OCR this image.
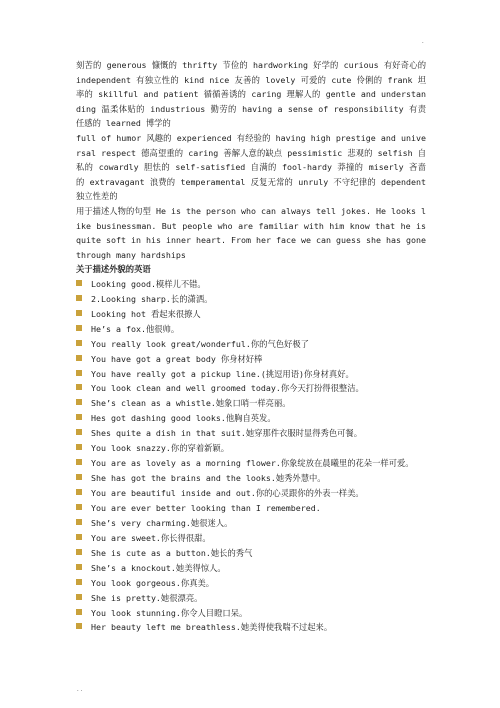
.

刻苦的 generous 慷慨的 thrifty 节俭的 hardworking 好学的 curious 有好奇心的 independent 有独立性的 kind nice 友善的 lovely 可爱的 cute 伶俐的 frank 坦率的 skillful and patient 循循善诱的 caring 理解人的 gentle and understanding 温柔体贴的 industrious 勤劳的 having a sense of responsibility 有责任感的 learned 博学的

full of humor 风趣的 experienced 有经验的 having high prestige and universal respect 德高望重的 caring 善解人意的缺点 pessimistic 悲观的 selfish 自私的 cowardly 胆怯的 self-satisfied 自满的 fool-hardy 莽撞的 miserly 吝啬的 extravagant 浪费的 temperamental 反复无常的 unruly 不守纪律的 dependent 独立性差的

用于描述人物的句型 He is the person who can always tell jokes. He looks like businessman. But people who are familiar with him know that he is quite soft in his inner heart. From her face we can guess she has gone through many hardships

关于描述外貌的英语

Looking good.模样儿不错。
2.Looking sharp.长的潇洒。
Looking hot 看起来很撩人
He’s a fox.他很帅。
You really look great/wonderful.你的气色好极了
You have got a great body 你身材好棒
You have really got a pickup line.(挑逗用语)你身材真好。
You look clean and well groomed today.你今天打扮得很整洁。
She’s clean as a whistle.她象口哨一样亮丽。
Hes got dashing good looks.他胸自英发。
Shes quite a dish in that suit.她穿那件衣服时显得秀色可餐。
You look snazzy.你的穿着新颖。
You are as lovely as a morning flower.你象绽放在晨曦里的花朵一样可爱。
She has got the brains and the looks.她秀外慧中。
You are beautiful inside and out.你的心灵跟你的外表一样美。
You are ever better looking than I remembered.
She’s very charming.她很迷人。
You are sweet.你长得很甜。
She is cute as a button.她长的秀气
She’s a knockout.她美得惊人。
You look gorgeous.你真美。
She is pretty.她很漂亮。
You look stunning.你令人目瞪口呆。
Her beauty left me breathless.她美得使我喘不过起来。
..
